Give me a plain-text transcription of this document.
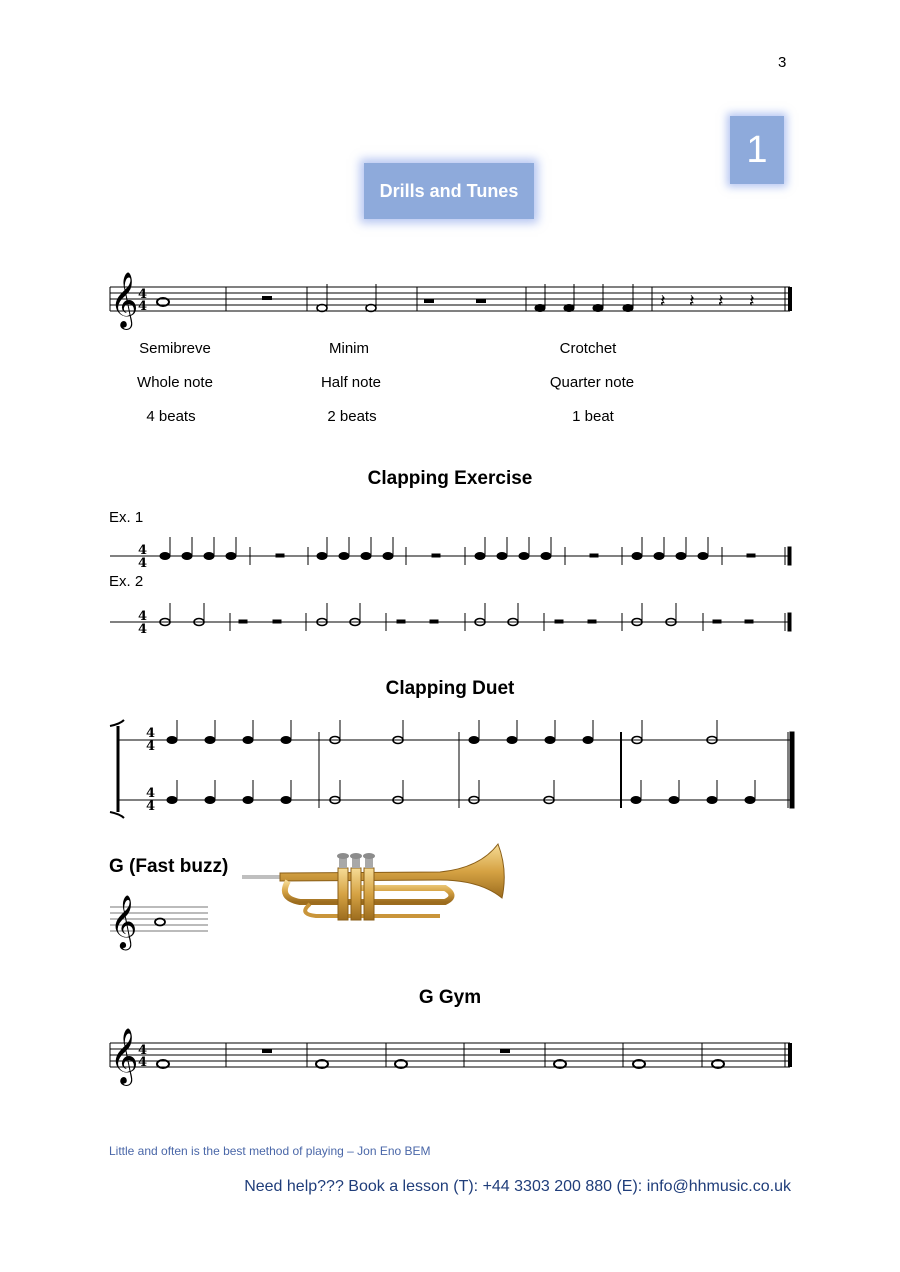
3
1
Drills and Tunes
𝄞 4
4	𝄽 𝄽 𝄽 𝄽
Semibreve
Whole note
4 beats
Minim
Half note
2 beats
Crotchet
Quarter note
1 beat
Clapping Exercise
Ex. 1
4
4
Ex. 2
4
4
Clapping Duet
4
4
4
4
G (Fast buzz)
𝄞
G Gym
𝄞 4
4
Little and often is the best method of playing – Jon Eno BEM
Need help??? Book a lesson (T): +44 3303 200 880 (E): info@hhmusic.co.uk
